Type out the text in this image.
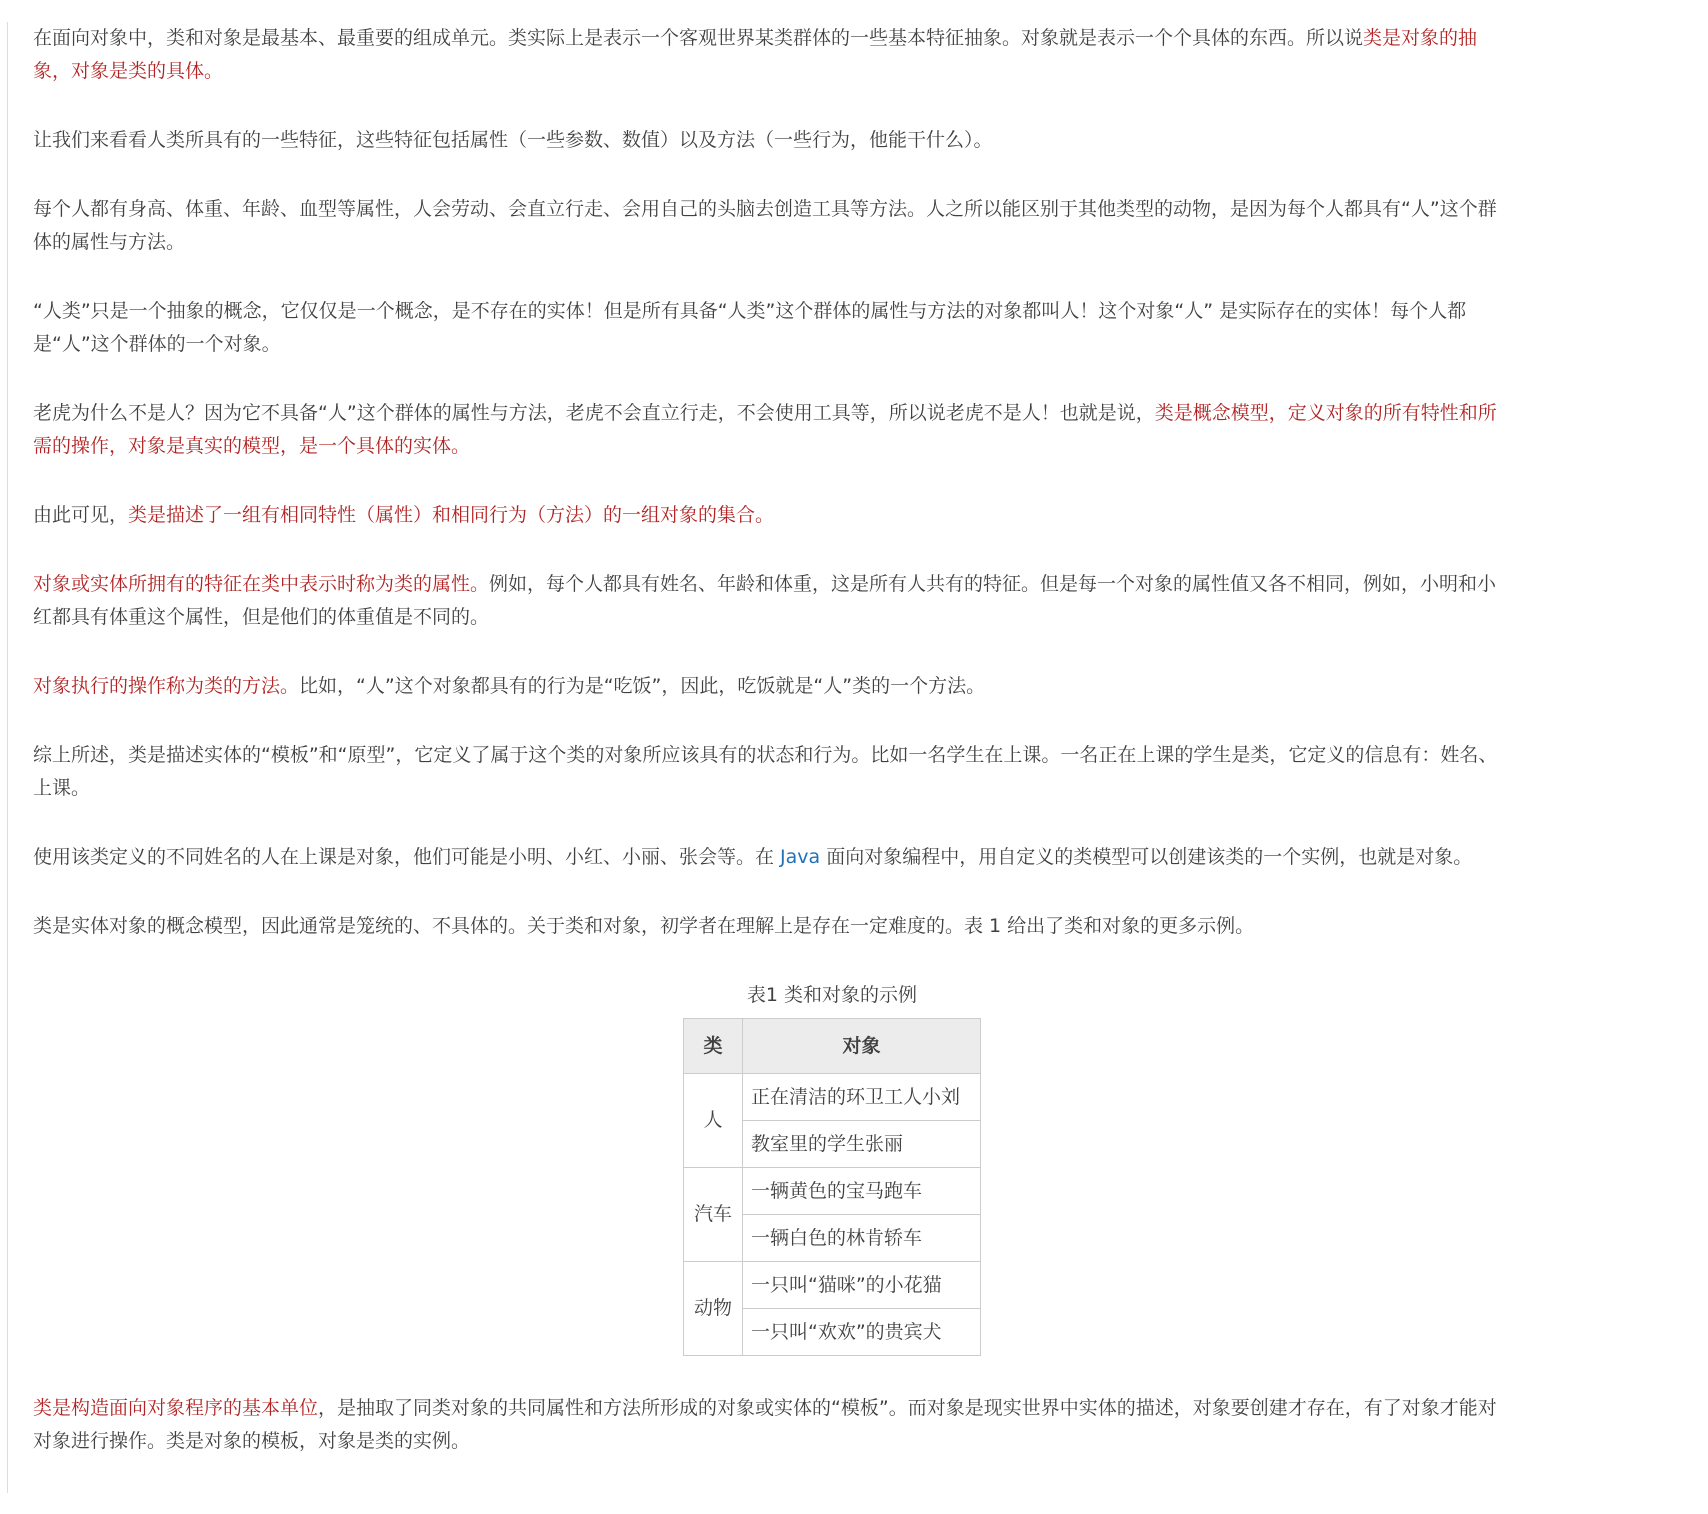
在面向对象中，类和对象是最基本、最重要的组成单元。类实际上是表示一个客观世界某类群体的一些基本特征抽象。对象就是表示一个个具体的东西。所以说类是对象的抽象，对象是类的具体。

让我们来看看人类所具有的一些特征，这些特征包括属性（一些参数、数值）以及方法（一些行为，他能干什么）。

每个人都有身高、体重、年龄、血型等属性，人会劳动、会直立行走、会用自己的头脑去创造工具等方法。人之所以能区别于其他类型的动物，是因为每个人都具有“人”这个群体的属性与方法。

“人类”只是一个抽象的概念，它仅仅是一个概念，是不存在的实体！但是所有具备“人类”这个群体的属性与方法的对象都叫人！这个对象“人” 是实际存在的实体！每个人都是“人”这个群体的一个对象。

老虎为什么不是人？因为它不具备“人”这个群体的属性与方法，老虎不会直立行走，不会使用工具等，所以说老虎不是人！也就是说，类是概念模型，定义对象的所有特性和所需的操作，对象是真实的模型，是一个具体的实体。

由此可见，类是描述了一组有相同特性（属性）和相同行为（方法）的一组对象的集合。

对象或实体所拥有的特征在类中表示时称为类的属性。例如，每个人都具有姓名、年龄和体重，这是所有人共有的特征。但是每一个对象的属性值又各不相同，例如，小明和小红都具有体重这个属性，但是他们的体重值是不同的。

对象执行的操作称为类的方法。比如，“人”这个对象都具有的行为是“吃饭”，因此，吃饭就是“人”类的一个方法。

综上所述，类是描述实体的“模板”和“原型”，它定义了属于这个类的对象所应该具有的状态和行为。比如一名学生在上课。一名正在上课的学生是类，它定义的信息有：姓名、上课。

使用该类定义的不同姓名的人在上课是对象，他们可能是小明、小红、小丽、张会等。在 Java 面向对象编程中，用自定义的类模型可以创建该类的一个实例，也就是对象。

类是实体对象的概念模型，因此通常是笼统的、不具体的。关于类和对象，初学者在理解上是存在一定难度的。表 1 给出了类和对象的更多示例。

表1 类和对象的示例
类	对象
人	正在清洁的环卫工人小刘
	教室里的学生张丽
汽车	一辆黄色的宝马跑车
	一辆白色的林肯轿车
动物	一只叫“猫咪”的小花猫
	一只叫“欢欢”的贵宾犬

类是构造面向对象程序的基本单位，是抽取了同类对象的共同属性和方法所形成的对象或实体的“模板”。而对象是现实世界中实体的描述，对象要创建才存在，有了对象才能对对象进行操作。类是对象的模板，对象是类的实例。
